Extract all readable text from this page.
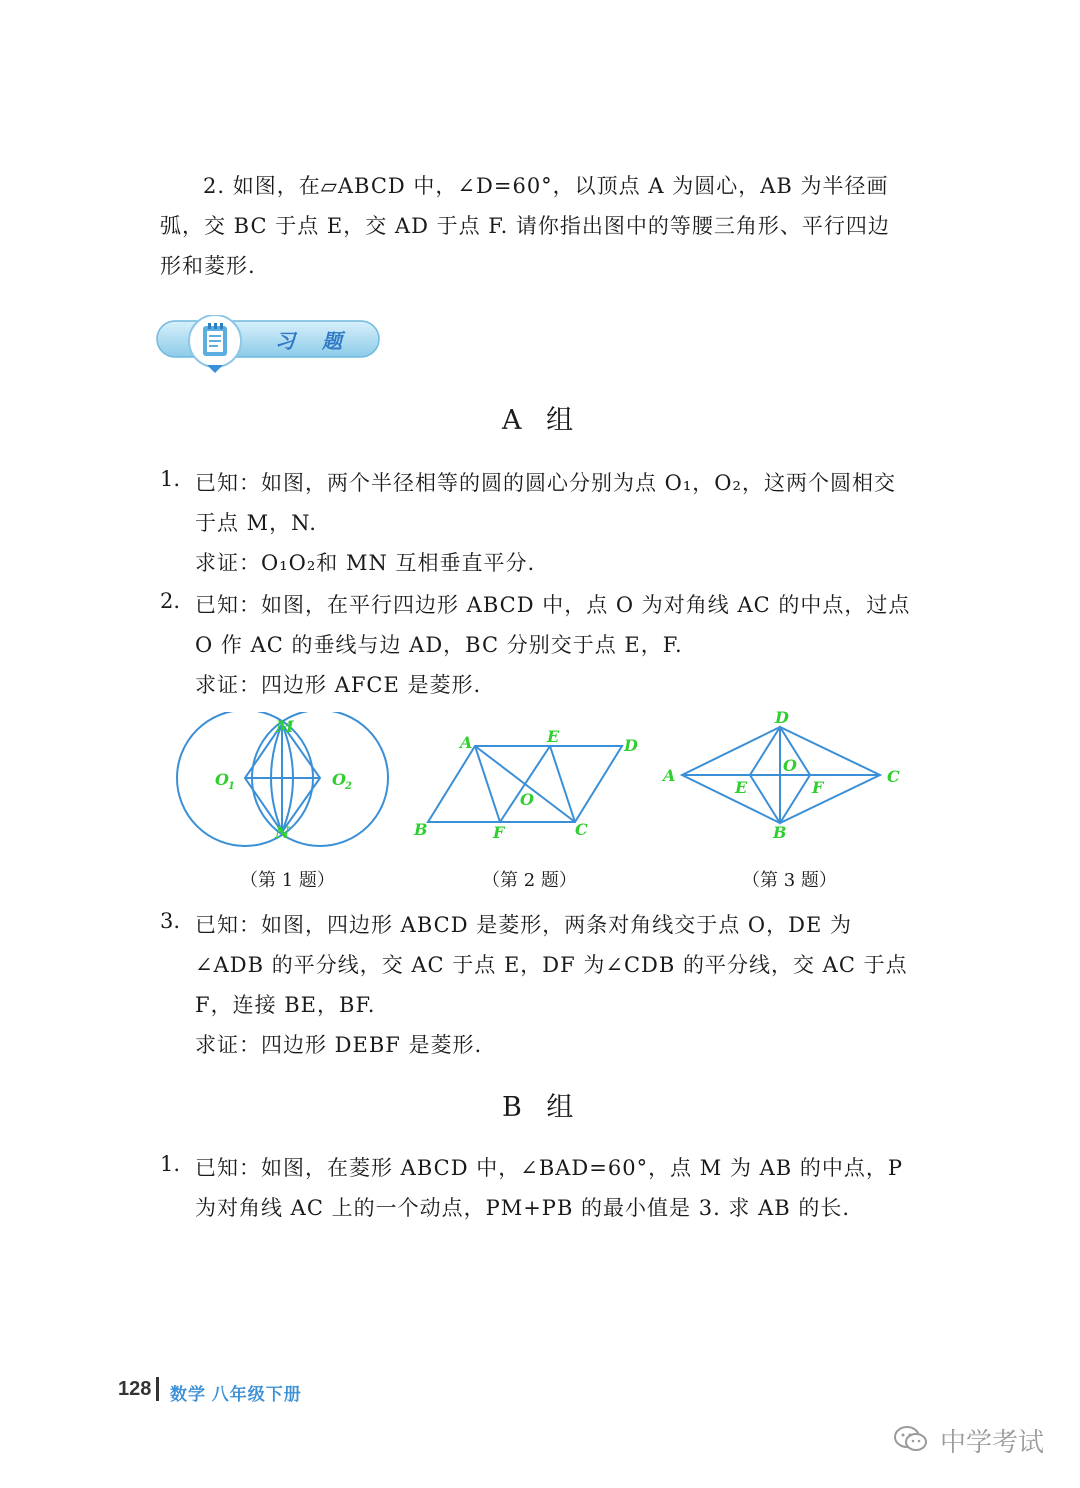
2. 如图，在▱ABCD 中，∠D=60°，以顶点 A 为圆心，AB 为半径画
弧，交 BC 于点 E，交 AD 于点 F. 请你指出图中的等腰三角形、平行四边
形和菱形.
习 题
A 组
1. 已知：如图，两个半径相等的圆的圆心分别为点 O₁，O₂，这两个圆相交
于点 M，N.
求证：O₁O₂和 MN 互相垂直平分.
2. 已知：如图，在平行四边形 ABCD 中，点 O 为对角线 AC 的中点，过点
O 作 AC 的垂线与边 AD，BC 分别交于点 E，F.
求证：四边形 AFCE 是菱形.
M
N
O 1	O 2
（第 1 题）
A	E	D
O
B	F	C
（第 2 题）
D
A
E
O
F
C
B
（第 3 题）
3. 已知：如图，四边形 ABCD 是菱形，两条对角线交于点 O，DE 为
∠ADB 的平分线，交 AC 于点 E，DF 为∠CDB 的平分线，交 AC 于点
F，连接 BE，BF.
求证：四边形 DEBF 是菱形.
B 组
1. 已知：如图，在菱形 ABCD 中，∠BAD=60°，点 M 为 AB 的中点，P
为对角线 AC 上的一个动点，PM+PB 的最小值是 3. 求 AB 的长.
128 数学 八年级下册
中学考试
